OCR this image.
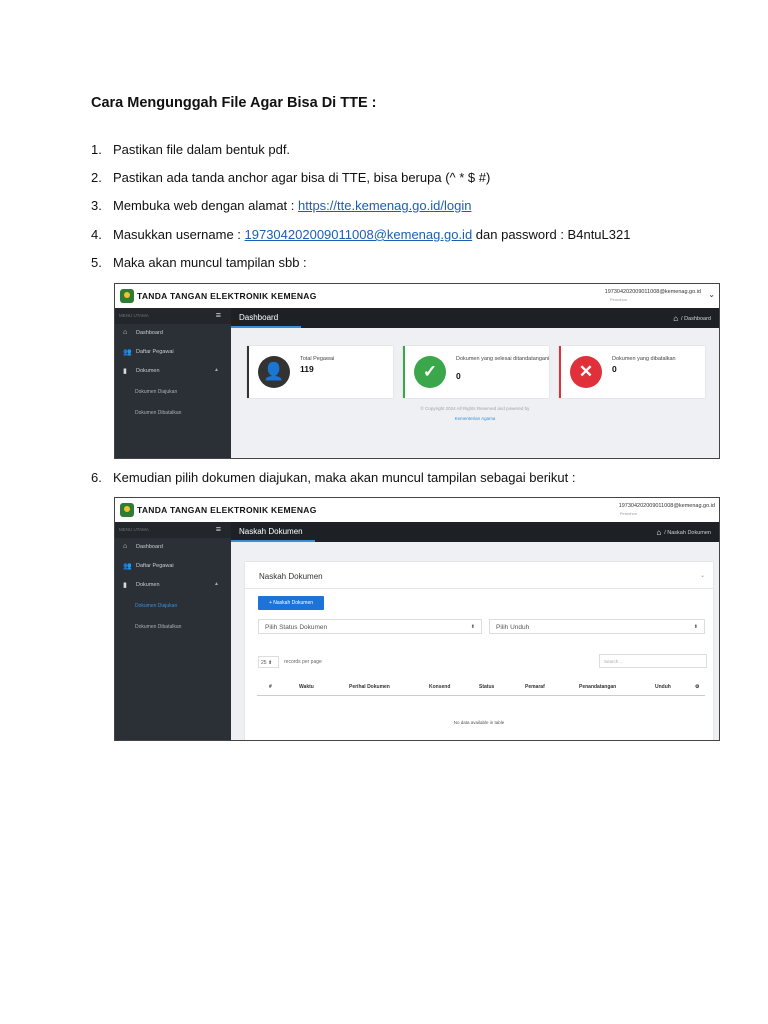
Cara Mengunggah File Agar Bisa Di TTE :
1. Pastikan file dalam bentuk pdf.
2. Pastikan ada tanda anchor agar bisa di TTE, bisa berupa (^ * $ #)
3. Membuka web dengan alamat : https://tte.kemenag.go.id/login
4. Masukkan username : 197304202009011008@kemenag.go.id dan password : B4ntuL321
5. Maka akan muncul tampilan sbb :
TANDA TANGAN ELEKTRONIK KEMENAG	197304202009011008@kemenag.go.id
Pemohon
⌄
MENU UTAMA	≡
⌂ Dashboard
👥 Daftar Pegawai
▮ Dokumen	▲
Dokumen Diajukan
Dokumen Dibatalkan
Dashboard	⌂ / Dashboard
👤
Total Pegawai
119	✓
Dokumen yang selesai ditandatangani
0	✕
Dokumen yang dibatalkan
0
© Copyright 2024 All Rights Reserved and powered by
Kementerian Agama
6. Kemudian pilih dokumen diajukan, maka akan muncul tampilan sebagai berikut :
TANDA TANGAN ELEKTRONIK KEMENAG	197304202009011008@kemenag.go.id
Pemohon
MENU UTAMA	≡
⌂ Dashboard
👥 Daftar Pegawai
▮ Dokumen	▲
Dokumen Diajukan
Dokumen Dibatalkan
Naskah Dokumen	⌂ / Naskah Dokumen
Naskah Dokumen	⌄
+ Naskah Dokumen
Pilih Status Dokumen	⬍	Pilih Unduh	⬍
25 ⬍	records per page	Search...
#	Waktu	Perihal Dokumen	Konsend	Status	Pemaraf	Penandatangan	Unduh	⚙
No data available in table
